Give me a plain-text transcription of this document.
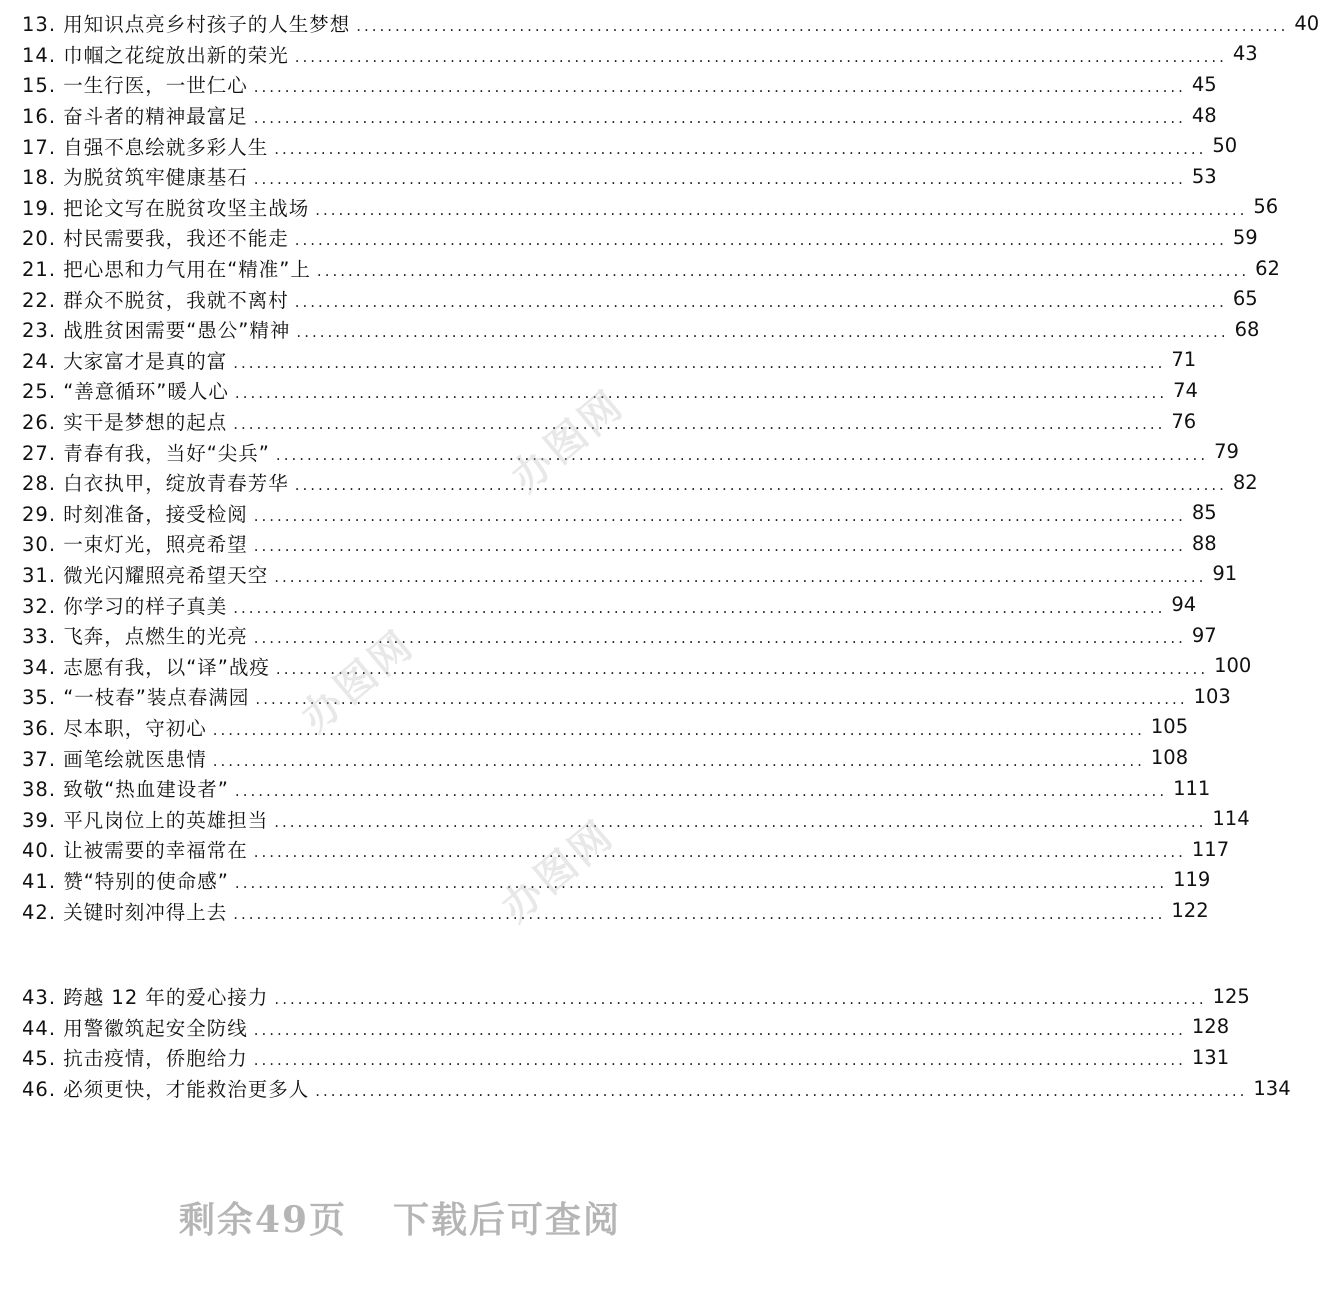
13. 用知识点亮乡村孩子的人生梦想 ........................................................................................................................ 40
14. 巾帼之花绽放出新的荣光 ........................................................................................................................ 43
15. 一生行医，一世仁心 ........................................................................................................................ 45
16. 奋斗者的精神最富足 ........................................................................................................................ 48
17. 自强不息绘就多彩人生 ........................................................................................................................ 50
18. 为脱贫筑牢健康基石 ........................................................................................................................ 53
19. 把论文写在脱贫攻坚主战场 ........................................................................................................................ 56
20. 村民需要我，我还不能走 ........................................................................................................................ 59
21. 把心思和力气用在“精准”上 ........................................................................................................................ 62
22. 群众不脱贫，我就不离村 ........................................................................................................................ 65
23. 战胜贫困需要“愚公”精神 ........................................................................................................................ 68
24. 大家富才是真的富 ........................................................................................................................ 71
25. “善意循环”暖人心 ........................................................................................................................ 74
26. 实干是梦想的起点 ........................................................................................................................ 76
27. 青春有我，当好“尖兵” ........................................................................................................................ 79
28. 白衣执甲，绽放青春芳华 ........................................................................................................................ 82
29. 时刻准备，接受检阅 ........................................................................................................................ 85
30. 一束灯光，照亮希望 ........................................................................................................................ 88
31. 微光闪耀照亮希望天空 ........................................................................................................................ 91
32. 你学习的样子真美 ........................................................................................................................ 94
33. 飞奔，点燃生的光亮 ........................................................................................................................ 97
34. 志愿有我，以“译”战疫 ........................................................................................................................ 100
35. “一枝春”装点春满园 ........................................................................................................................ 103
36. 尽本职，守初心 ........................................................................................................................ 105
37. 画笔绘就医患情 ........................................................................................................................ 108
38. 致敬“热血建设者” ........................................................................................................................ 111
39. 平凡岗位上的英雄担当 ........................................................................................................................ 114
40. 让被需要的幸福常在 ........................................................................................................................ 117
41. 赞“特别的使命感” ........................................................................................................................ 119
42. 关键时刻冲得上去 ........................................................................................................................ 122
43. 跨越 12 年的爱心接力 ........................................................................................................................ 125
44. 用警徽筑起安全防线 ........................................................................................................................ 128
45. 抗击疫情，侨胞给力 ........................................................................................................................ 131
46. 必须更快，才能救治更多人 ........................................................................................................................ 134
办图网
办图网
办图网
剩余49页 下载后可查阅
